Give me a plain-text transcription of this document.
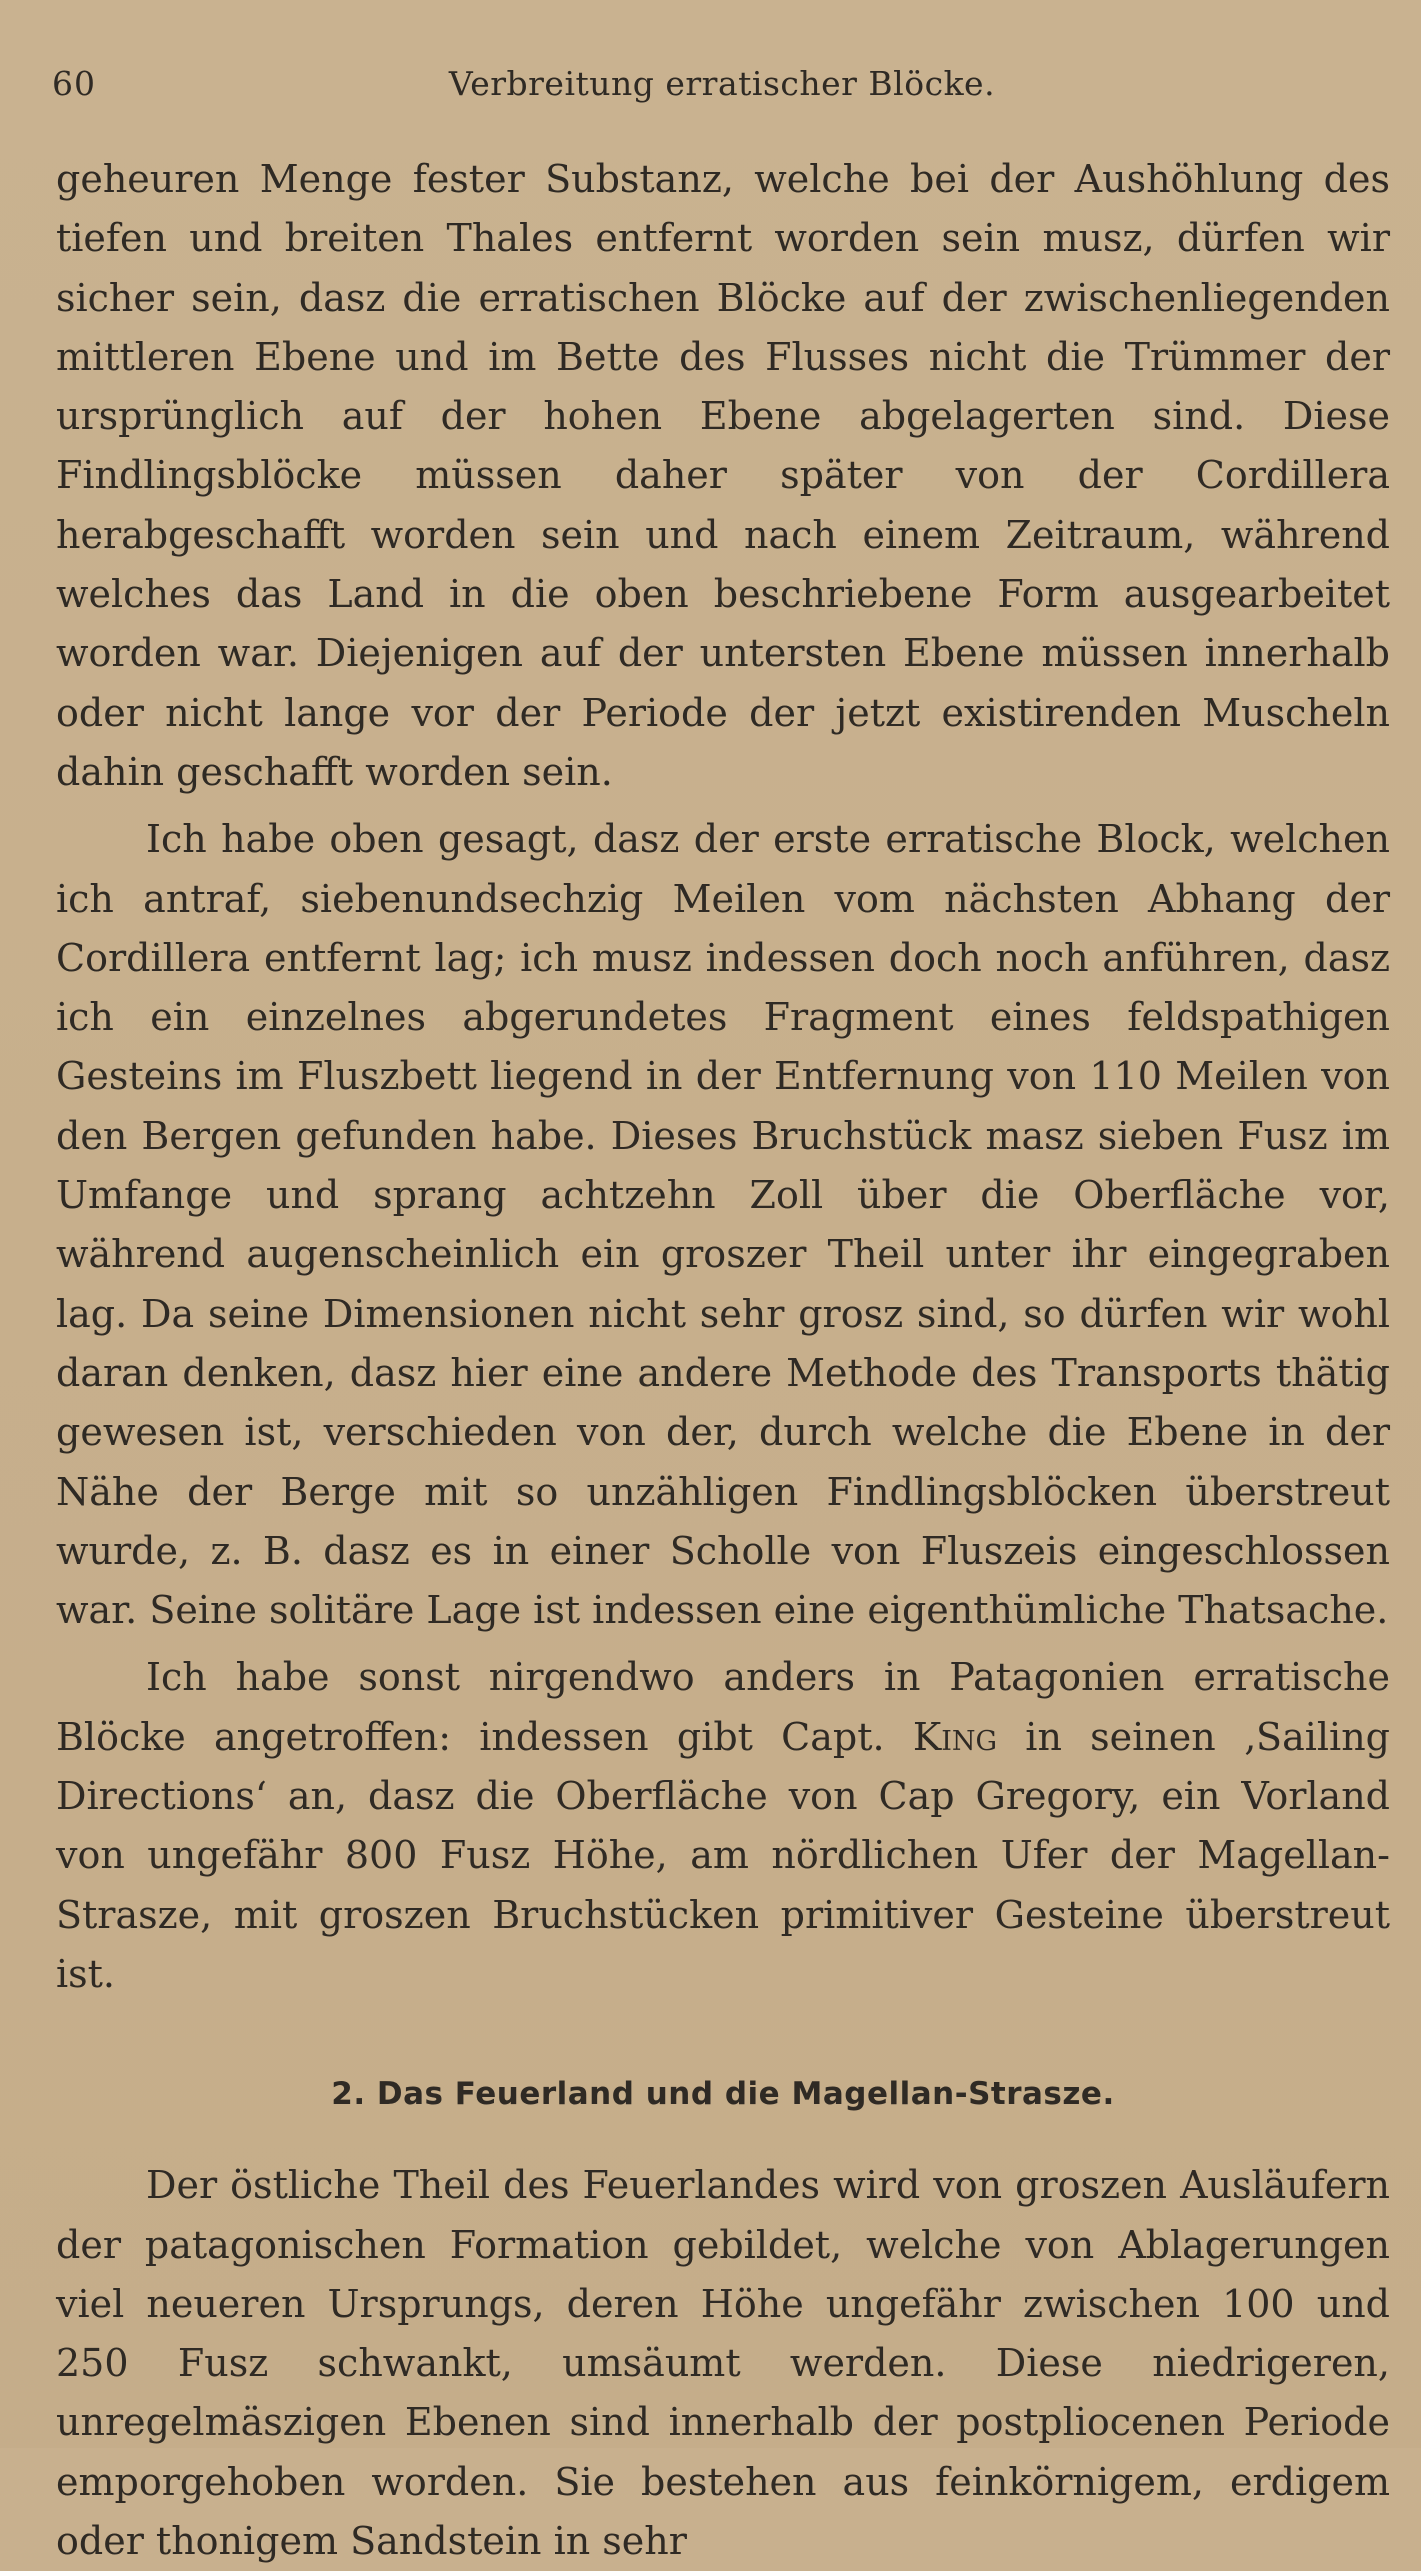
60	Verbreitung erratischer Blöcke.

geheuren Menge fester Substanz, welche bei der Aushöhlung des tiefen und breiten Thales entfernt worden sein musz, dürfen wir sicher sein, dasz die erratischen Blöcke auf der zwischenliegenden mittleren Ebene und im Bette des Flusses nicht die Trümmer der ursprünglich auf der hohen Ebene abgelagerten sind. Diese Findlingsblöcke müssen daher später von der Cordillera herabgeschafft worden sein und nach einem Zeitraum, während welches das Land in die oben beschriebene Form ausgearbeitet worden war. Diejenigen auf der untersten Ebene müssen innerhalb oder nicht lange vor der Periode der jetzt existirenden Muscheln dahin geschafft worden sein.

Ich habe oben gesagt, dasz der erste erratische Block, welchen ich antraf, siebenundsechzig Meilen vom nächsten Abhang der Cordillera entfernt lag; ich musz indessen doch noch anführen, dasz ich ein einzelnes abgerundetes Fragment eines feldspathigen Gesteins im Fluszbett liegend in der Entfernung von 110 Meilen von den Bergen gefunden habe. Dieses Bruchstück masz sieben Fusz im Umfange und sprang achtzehn Zoll über die Oberfläche vor, während augenscheinlich ein groszer Theil unter ihr eingegraben lag. Da seine Dimensionen nicht sehr grosz sind, so dürfen wir wohl daran denken, dasz hier eine andere Methode des Transports thätig gewesen ist, verschieden von der, durch welche die Ebene in der Nähe der Berge mit so unzähligen Findlingsblöcken überstreut wurde, z. B. dasz es in einer Scholle von Fluszeis eingeschlossen war. Seine solitäre Lage ist indessen eine eigenthümliche Thatsache.

Ich habe sonst nirgendwo anders in Patagonien erratische Blöcke angetroffen: indessen gibt Capt. King in seinen ‚Sailing Directions‘ an, dasz die Oberfläche von Cap Gregory, ein Vorland von ungefähr 800 Fusz Höhe, am nördlichen Ufer der Magellan-Strasze, mit groszen Bruchstücken primitiver Gesteine überstreut ist.

2. Das Feuerland und die Magellan-Strasze.

Der östliche Theil des Feuerlandes wird von groszen Ausläufern der patagonischen Formation gebildet, welche von Ablagerungen viel neueren Ursprungs, deren Höhe ungefähr zwischen 100 und 250 Fusz schwankt, umsäumt werden. Diese niedrigeren, unregelmäszigen Ebenen sind innerhalb der postpliocenen Periode emporgehoben worden. Sie bestehen aus feinkörnigem, erdigem oder thonigem Sandstein in sehr
